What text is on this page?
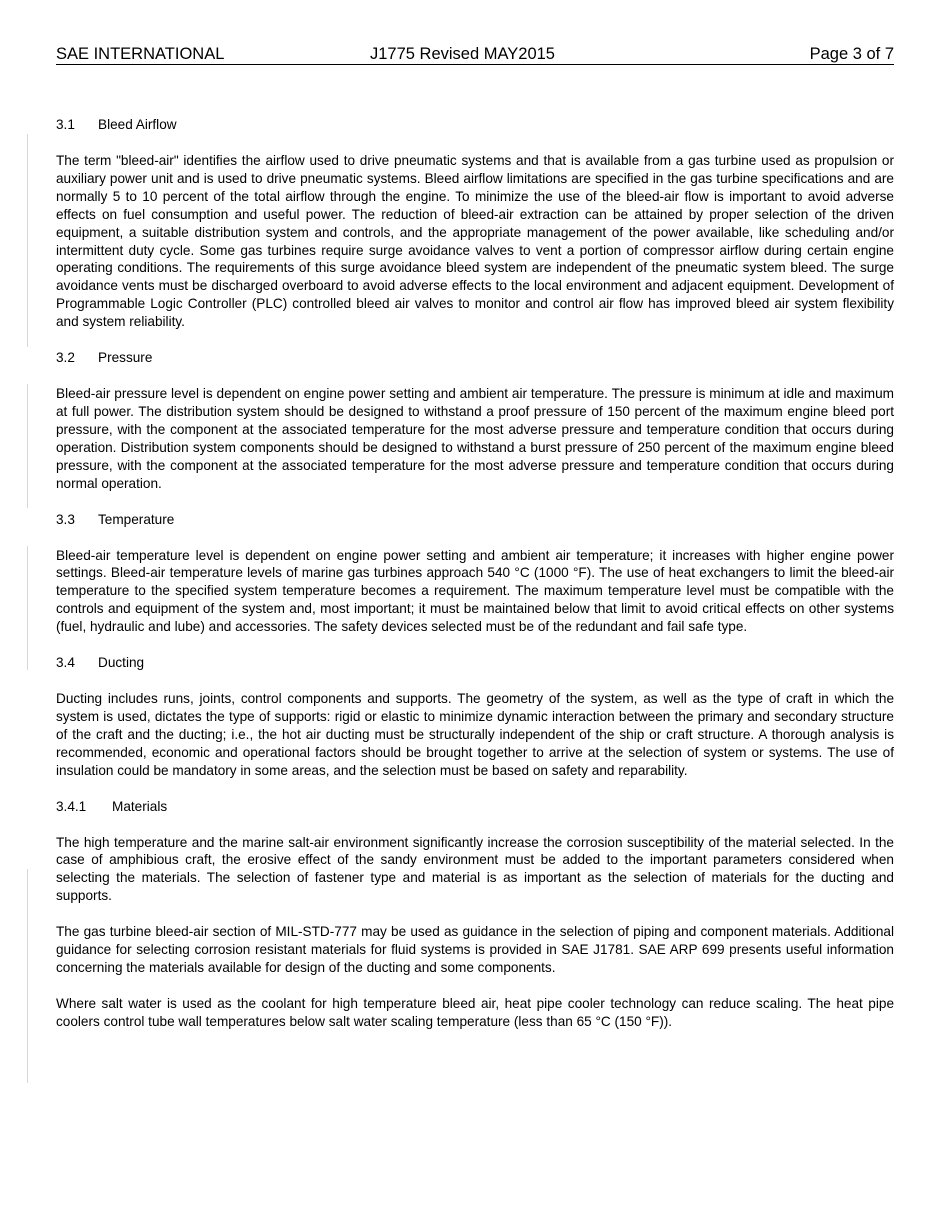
SAE INTERNATIONAL	J1775 Revised MAY2015	Page 3 of 7
3.1 Bleed Airflow

The term "bleed-air" identifies the airflow used to drive pneumatic systems and that is available from a gas turbine used as propulsion or auxiliary power unit and is used to drive pneumatic systems. Bleed airflow limitations are specified in the gas turbine specifications and are normally 5 to 10 percent of the total airflow through the engine. To minimize the use of the bleed-air flow is important to avoid adverse effects on fuel consumption and useful power. The reduction of bleed-air extraction can be attained by proper selection of the driven equipment, a suitable distribution system and controls, and the appropriate management of the power available, like scheduling and/or intermittent duty cycle. Some gas turbines require surge avoidance valves to vent a portion of compressor airflow during certain engine operating conditions. The requirements of this surge avoidance bleed system are independent of the pneumatic system bleed. The surge avoidance vents must be discharged overboard to avoid adverse effects to the local environment and adjacent equipment. Development of Programmable Logic Controller (PLC) controlled bleed air valves to monitor and control air flow has improved bleed air system flexibility and system reliability.

3.2 Pressure

Bleed-air pressure level is dependent on engine power setting and ambient air temperature. The pressure is minimum at idle and maximum at full power. The distribution system should be designed to withstand a proof pressure of 150 percent of the maximum engine bleed port pressure, with the component at the associated temperature for the most adverse pressure and temperature condition that occurs during operation. Distribution system components should be designed to withstand a burst pressure of 250 percent of the maximum engine bleed pressure, with the component at the associated temperature for the most adverse pressure and temperature condition that occurs during normal operation.

3.3 Temperature

Bleed-air temperature level is dependent on engine power setting and ambient air temperature; it increases with higher engine power settings. Bleed-air temperature levels of marine gas turbines approach 540 °C (1000 °F). The use of heat exchangers to limit the bleed-air temperature to the specified system temperature becomes a requirement. The maximum temperature level must be compatible with the controls and equipment of the system and, most important; it must be maintained below that limit to avoid critical effects on other systems (fuel, hydraulic and lube) and accessories. The safety devices selected must be of the redundant and fail safe type.

3.4 Ducting

Ducting includes runs, joints, control components and supports. The geometry of the system, as well as the type of craft in which the system is used, dictates the type of supports: rigid or elastic to minimize dynamic interaction between the primary and secondary structure of the craft and the ducting; i.e., the hot air ducting must be structurally independent of the ship or craft structure. A thorough analysis is recommended, economic and operational factors should be brought together to arrive at the selection of system or systems. The use of insulation could be mandatory in some areas, and the selection must be based on safety and reparability.

3.4.1 Materials

The high temperature and the marine salt-air environment significantly increase the corrosion susceptibility of the material selected. In the case of amphibious craft, the erosive effect of the sandy environment must be added to the important parameters considered when selecting the materials. The selection of fastener type and material is as important as the selection of materials for the ducting and supports.

The gas turbine bleed-air section of MIL-STD-777 may be used as guidance in the selection of piping and component materials. Additional guidance for selecting corrosion resistant materials for fluid systems is provided in SAE J1781. SAE ARP 699 presents useful information concerning the materials available for design of the ducting and some components.

Where salt water is used as the coolant for high temperature bleed air, heat pipe cooler technology can reduce scaling. The heat pipe coolers control tube wall temperatures below salt water scaling temperature (less than 65 °C (150 °F)).
